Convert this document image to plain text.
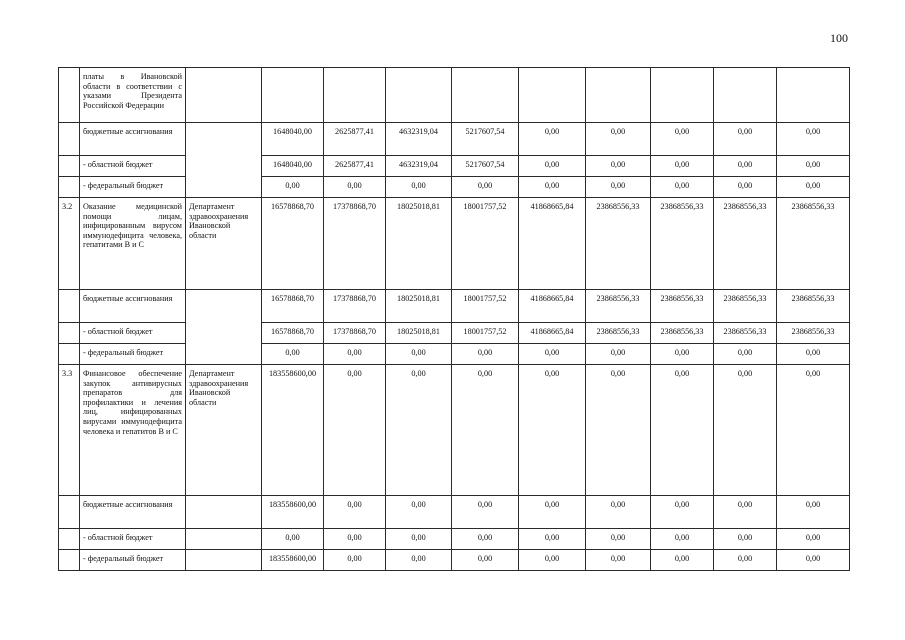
100
	платы в Ивановской области в соответствии с указами Президента Российской Федерации										
	бюджетные ассигнования		1648040,00	2625877,41	4632319,04	5217607,54	0,00	0,00	0,00	0,00	0,00
	- областной бюджет		1648040,00	2625877,41	4632319,04	5217607,54	0,00	0,00	0,00	0,00	0,00
	- федеральный бюджет		0,00	0,00	0,00	0,00	0,00	0,00	0,00	0,00	0,00
3.2	Оказание медицинской помощи лицам, инфицированным вирусом иммунодефицита человека, гепатитами В и С	Департамент здравоохранения Ивановской области	16578868,70	17378868,70	18025018,81	18001757,52	41868665,84	23868556,33	23868556,33	23868556,33	23868556,33
	бюджетные ассигнования		16578868,70	17378868,70	18025018,81	18001757,52	41868665,84	23868556,33	23868556,33	23868556,33	23868556,33
	- областной бюджет		16578868,70	17378868,70	18025018,81	18001757,52	41868665,84	23868556,33	23868556,33	23868556,33	23868556,33
	- федеральный бюджет		0,00	0,00	0,00	0,00	0,00	0,00	0,00	0,00	0,00
3.3	Финансовое обеспечение закупок антивирусных препаратов для профилактики и лечения лиц, инфицированных вирусами иммунодефицита человека и гепатитов В и С	Департамент здравоохранения Ивановской области	183558600,00	0,00	0,00	0,00	0,00	0,00	0,00	0,00	0,00
	бюджетные ассигнования		183558600,00	0,00	0,00	0,00	0,00	0,00	0,00	0,00	0,00
	- областной бюджет		0,00	0,00	0,00	0,00	0,00	0,00	0,00	0,00	0,00
	- федеральный бюджет		183558600,00	0,00	0,00	0,00	0,00	0,00	0,00	0,00	0,00
